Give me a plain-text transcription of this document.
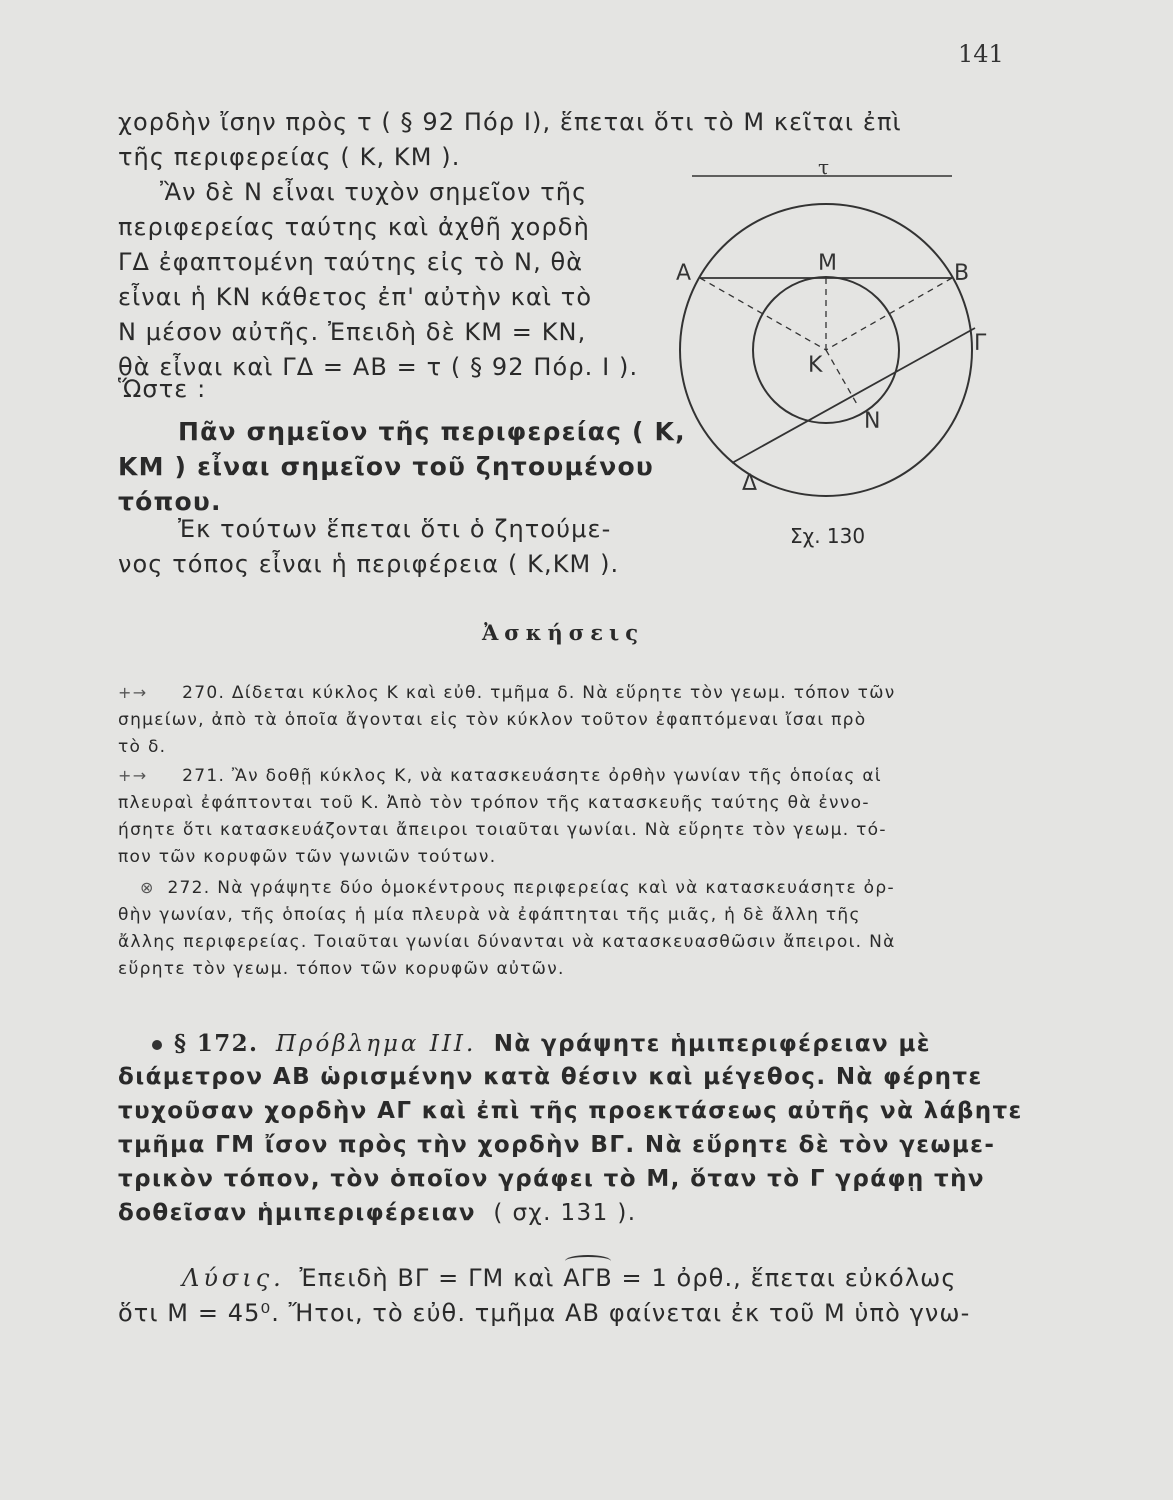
141
χορδὴν ἴσην πρὸς τ ( § 92 Πόρ Ι), ἕπεται ὅτι τὸ Μ κεῖται ἐπὶ
τῆς περιφερείας ( Κ, ΚΜ ).
Ἂν δὲ Ν εἶναι τυχὸν σημεῖον τῆς
περιφερείας ταύτης καὶ ἀχθῆ χορδὴ
ΓΔ ἐφαπτομένη ταύτης εἰς τὸ Ν, θὰ
εἶναι ἡ ΚΝ κάθετος ἐπ' αὐτὴν καὶ τὸ
Ν μέσον αὐτῆς. Ἐπειδὴ δὲ ΚΜ = ΚΝ,
θὰ εἶναι καὶ ΓΔ = ΑΒ = τ ( § 92 Πόρ. Ι ).
Ὥστε :
Πᾶν σημεῖον τῆς περιφερείας ( Κ,
ΚΜ ) εἶναι σημεῖον τοῦ ζητουμένου
τόπου.
Ἐκ τούτων ἕπεται ὅτι ὁ ζητούμε-
νος τόπος εἶναι ἡ περιφέρεια ( Κ,ΚΜ ).
τ
Α	Β
Μ
Κ
Ν
Γ
Δ
Σχ. 130
Ἀσκήσεις
+→ 270. Δίδεται κύκλος Κ καὶ εὐθ. τμῆμα δ. Νὰ εὕρητε τὸν γεωμ. τόπον τῶν
σημείων, ἀπὸ τὰ ὁποῖα ἄγονται εἰς τὸν κύκλον τοῦτον ἐφαπτόμεναι ἴσαι πρὸ
τὸ δ.
+→ 271. Ἂν δοθῇ κύκλος Κ, νὰ κατασκευάσητε ὀρθὴν γωνίαν τῆς ὁποίας αἱ
πλευραὶ ἐφάπτονται τοῦ Κ. Ἀπὸ τὸν τρόπον τῆς κατασκευῆς ταύτης θὰ ἐννο-
ήσητε ὅτι κατασκευάζονται ἄπειροι τοιαῦται γωνίαι. Νὰ εὕρητε τὸν γεωμ. τό-
πον τῶν κορυφῶν τῶν γωνιῶν τούτων.
⊗ 272. Νὰ γράψητε δύο ὁμοκέντρους περιφερείας καὶ νὰ κατασκευάσητε ὀρ-
θὴν γωνίαν, τῆς ὁποίας ἡ μία πλευρὰ νὰ ἐφάπτηται τῆς μιᾶς, ἡ δὲ ἄλλη τῆς
ἄλλης περιφερείας. Τοιαῦται γωνίαι δύνανται νὰ κατασκευασθῶσιν ἄπειροι. Νὰ
εὕρητε τὸν γεωμ. τόπον τῶν κορυφῶν αὐτῶν.
§ 172. Πρόβλημα ΙΙΙ. Νὰ γράψητε ἡμιπεριφέρειαν μὲ
διάμετρον ΑΒ ὡρισμένην κατὰ θέσιν καὶ μέγεθος. Νὰ φέρητε
τυχοῦσαν χορδὴν ΑΓ καὶ ἐπὶ τῆς προεκτάσεως αὐτῆς νὰ λάβητε
τμῆμα ΓΜ ἴσον πρὸς τὴν χορδὴν ΒΓ. Νὰ εὕρητε δὲ τὸν γεωμε-
τρικὸν τόπον, τὸν ὁποῖον γράφει τὸ Μ, ὅταν τὸ Γ γράφῃ τὴν
δοθεῖσαν ἡμιπεριφέρειαν ( σχ. 131 ).
Λύσις. Ἐπειδὴ ΒΓ = ΓΜ καὶ ΑΓΒ = 1 ὀρθ., ἕπεται εὐκόλως
ὅτι Μ = 45⁰. Ἤτοι, τὸ εὐθ. τμῆμα ΑΒ φαίνεται ἐκ τοῦ Μ ὑπὸ γνω-
